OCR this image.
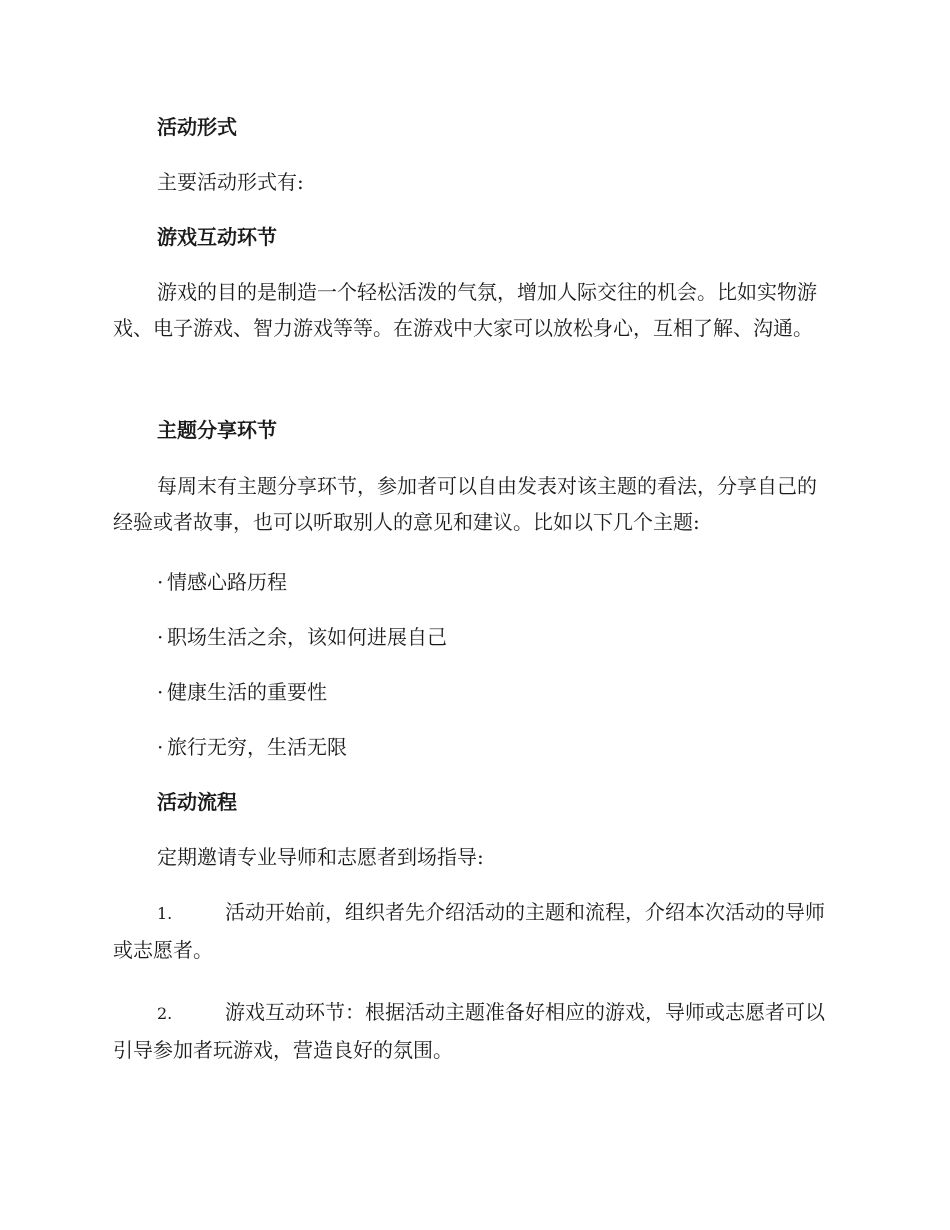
活动形式

主要活动形式有:

游戏互动环节

游戏的目的是制造一个轻松活泼的气氛，增加人际交往的机会。比如实物游戏、电子游戏、智力游戏等等。在游戏中大家可以放松身心，互相了解、沟通。

主题分享环节

每周末有主题分享环节，参加者可以自由发表对该主题的看法，分享自己的经验或者故事，也可以听取别人的意见和建议。比如以下几个主题:

· 情感心路历程

· 职场生活之余，该如何进展自己

· 健康生活的重要性

· 旅行无穷，生活无限

活动流程

定期邀请专业导师和志愿者到场指导:

1.	活动开始前，组织者先介绍活动的主题和流程，介绍本次活动的导师或志愿者。

2.	游戏互动环节：根据活动主题准备好相应的游戏，导师或志愿者可以引导参加者玩游戏，营造良好的氛围。
